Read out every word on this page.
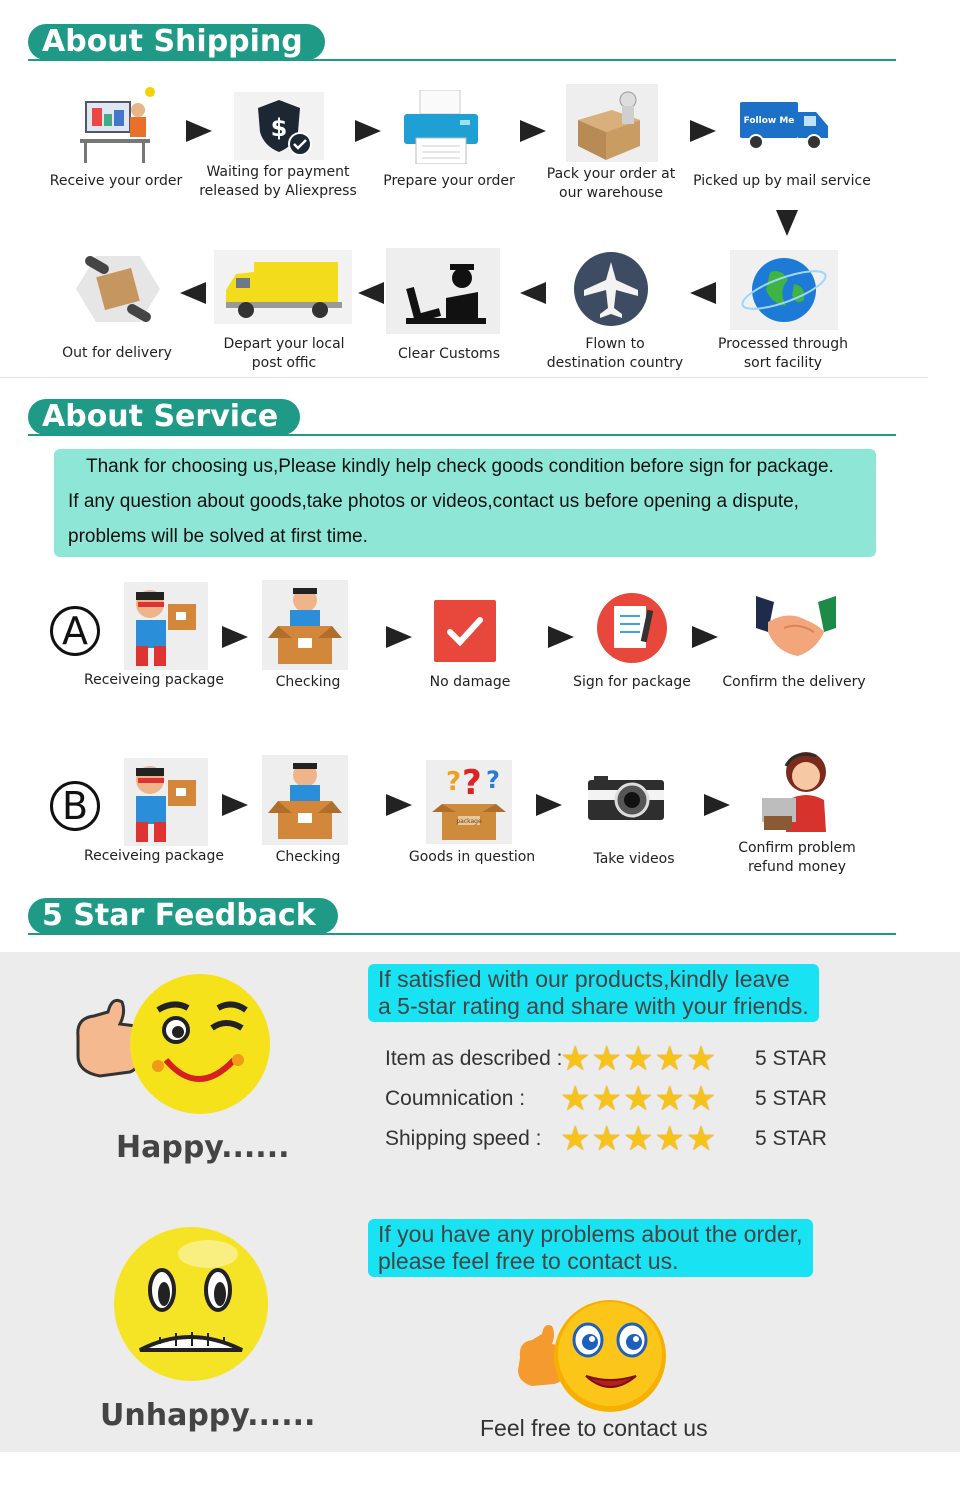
About Shipping
$	Follow Me
Receive your order
Waiting for payment
released by Aliexpress
Prepare your order	Pack your order at
our warehouse
Picked up by mail service
Out for delivery
Depart your local
post offic
Clear Customs
Flown to
destination country
Processed through
sort facility
About Service

Thank for choosing us,Please kindly help check goods condition before sign for package.

If any question about goods,take photos or videos,contact us before opening a dispute,

problems will be solved at first time.

A
Receiveing package	Checking	No damage	Sign for package	Confirm the delivery
B
? ? ?
package
Receiveing package	Checking	Goods in question	Take videos
Confirm problem
refund money
5 Star Feedback
Happy......
If satisfied with our products,kindly leave
a 5-star rating and share with your friends.
Item as described :
★★★★★ 5 STAR
Coumnication : ★★★★★ 5 STAR
Shipping speed : ★★★★★ 5 STAR
Unhappy......
If you have any problems about the order,
please feel free to contact us.
Feel free to contact us
